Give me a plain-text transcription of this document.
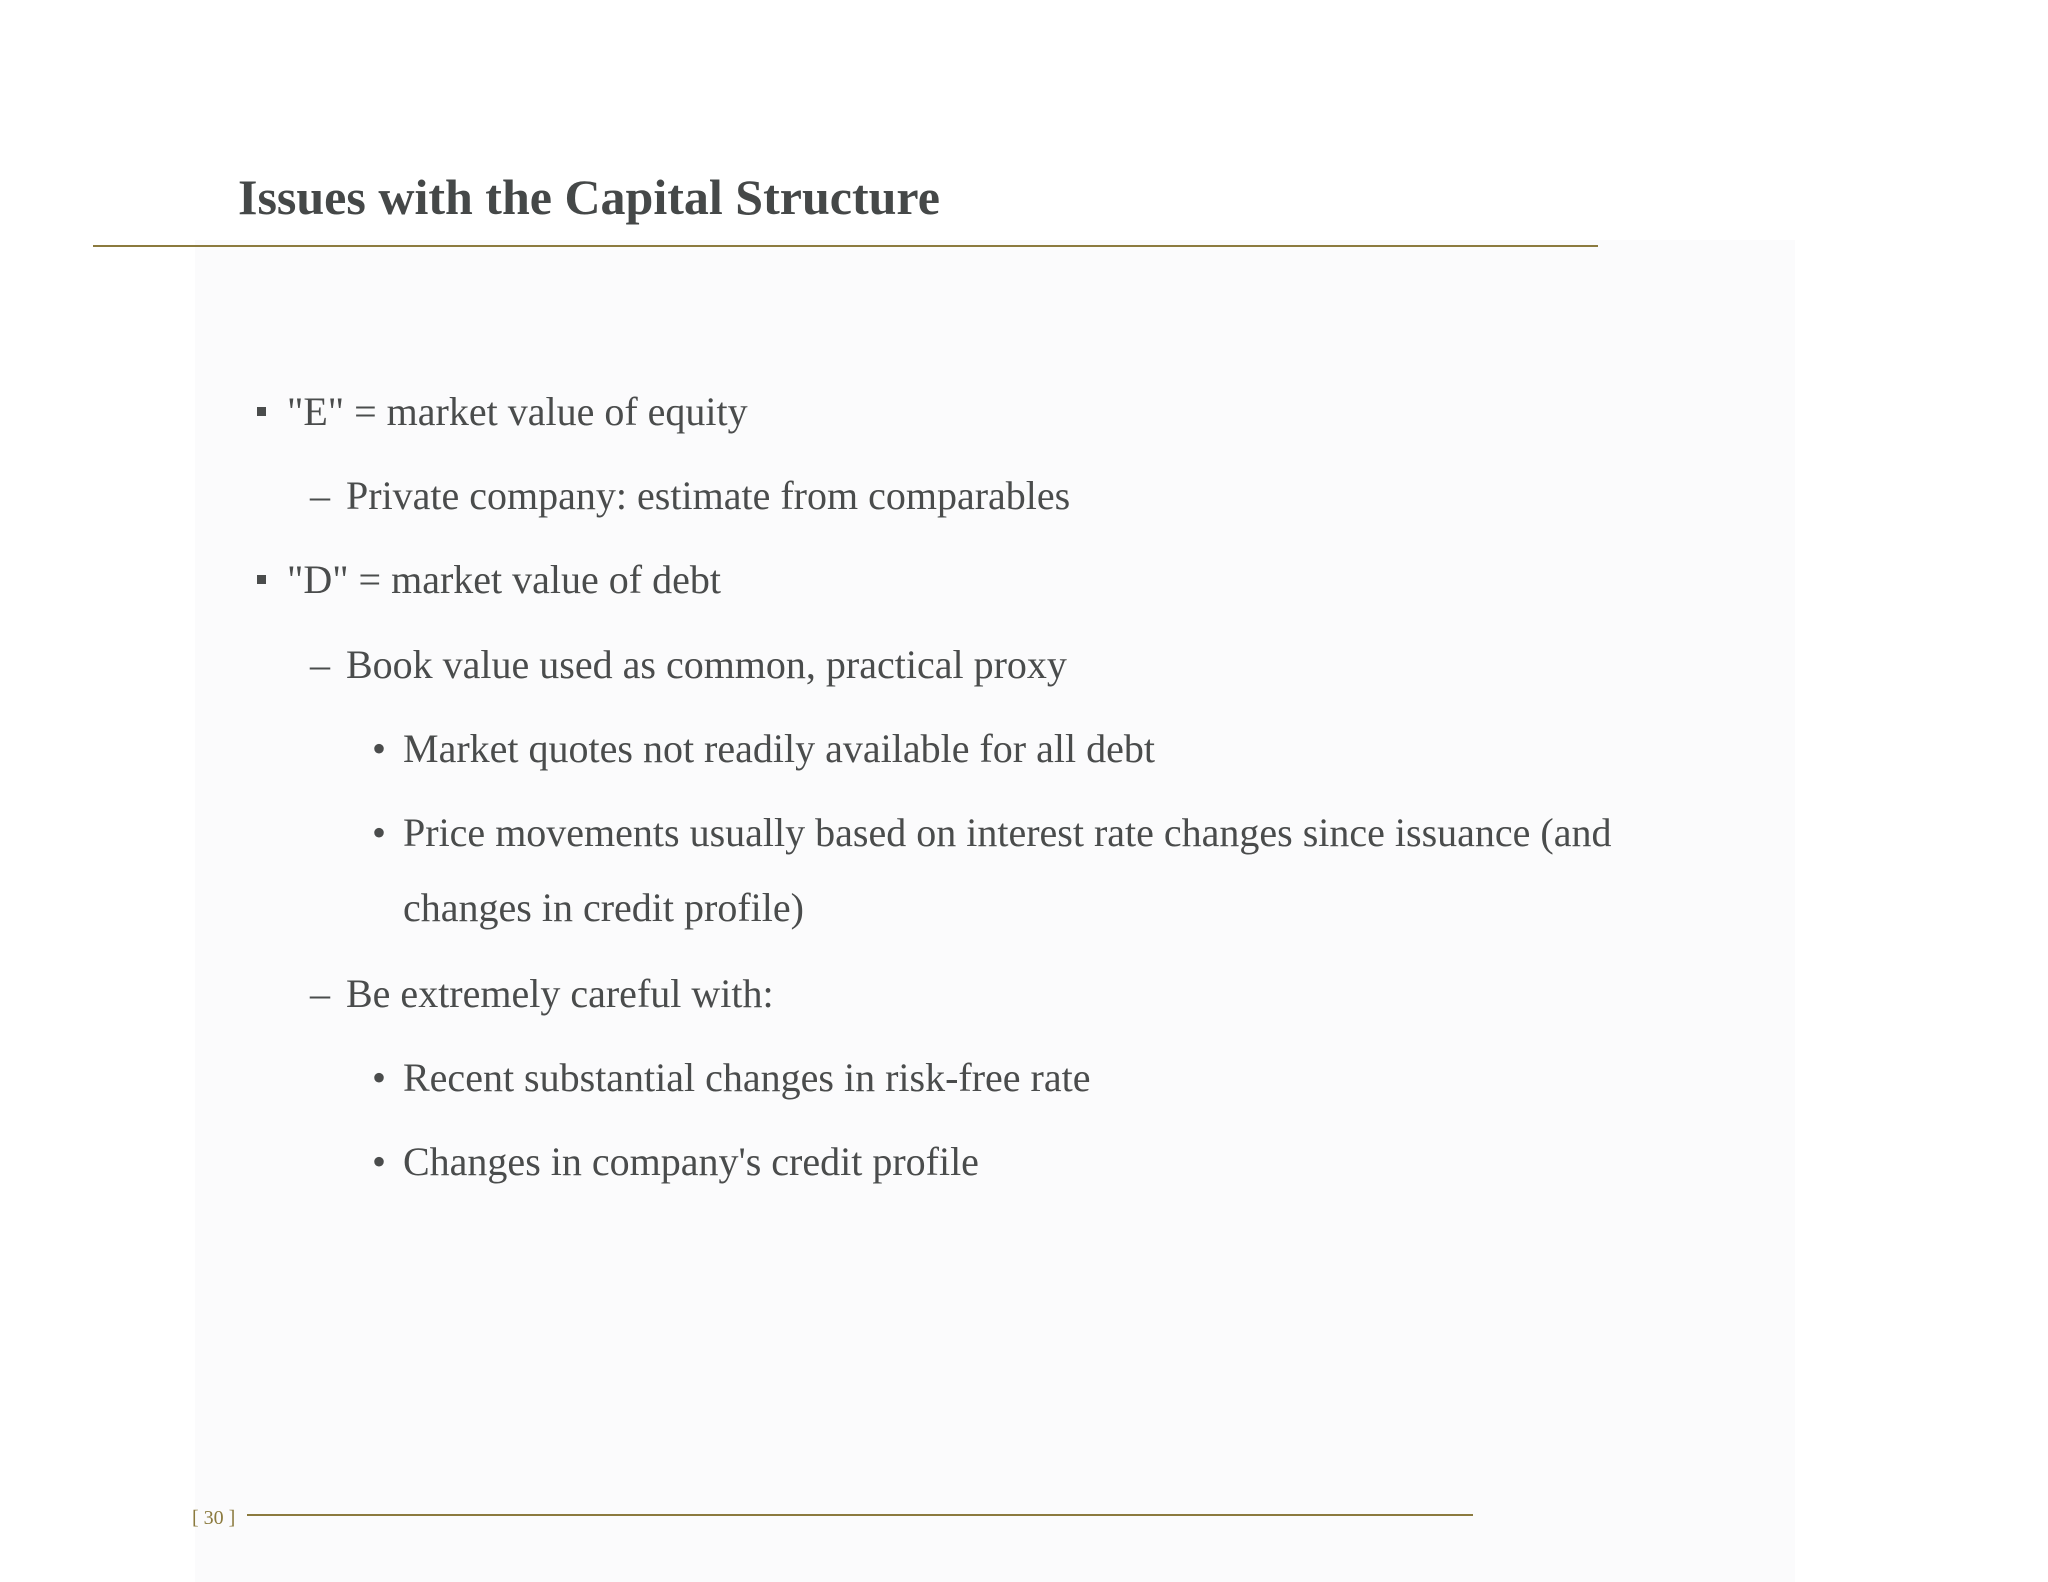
Issues with the Capital Structure
"E" = market value of equity
– Private company: estimate from comparables
"D" = market value of debt
– Book value used as common, practical proxy
• Market quotes not readily available for all debt
• Price movements usually based on interest rate changes since issuance (and
changes in credit profile)
– Be extremely careful with:
• Recent substantial changes in risk-free rate
• Changes in company's credit profile
[ 30 ]
